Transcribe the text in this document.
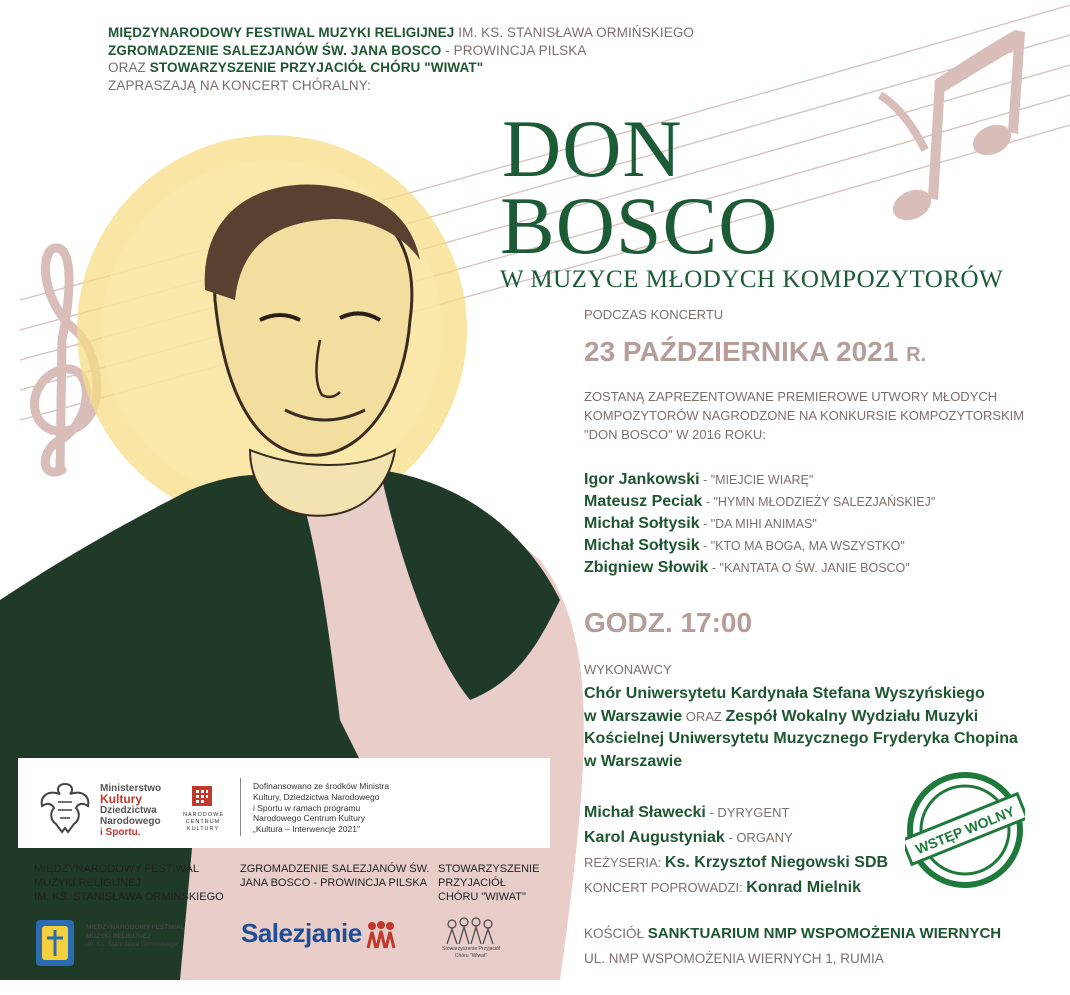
MIĘDZYNARODOWY FESTIWAL MUZYKI RELIGIJNEJ IM. KS. STANISŁAWA ORMIŃSKIEGO
ZGROMADZENIE SALEZJANÓW ŚW. JANA BOSCO - PROWINCJA PILSKA
ORAZ STOWARZYSZENIE PRZYJACIÓŁ CHÓRU "WIWAT"
ZAPRASZAJĄ NA KONCERT CHÓRALNY:
DON
BOSCO
W MUZYCE MŁODYCH KOMPOZYTORÓW
PODCZAS KONCERTU
23 PAŹDZIERNIKA 2021 R.
ZOSTANĄ ZAPREZENTOWANE PREMIEROWE UTWORY MŁODYCH
KOMPOZYTORÓW NAGRODZONE NA KONKURSIE KOMPOZYTORSKIM
"DON BOSCO" W 2016 ROKU:
Igor Jankowski - "MIEJCIE WIARĘ"
Mateusz Peciak - "HYMN MŁODZIEŻY SALEZJAŃSKIEJ"
Michał Sołtysik - "DA MIHI ANIMAS"
Michał Sołtysik - "KTO MA BOGA, MA WSZYSTKO"
Zbigniew Słowik - "KANTATA O ŚW. JANIE BOSCO"
GODZ. 17:00
WYKONAWCY
Chór Uniwersytetu Kardynała Stefana Wyszyńskiego
w Warszawie ORAZ Zespół Wokalny Wydziału Muzyki
Kościelnej Uniwersytetu Muzycznego Fryderyka Chopina
w Warszawie
Michał Sławecki - DYRYGENT
Karol Augustyniak - ORGANY
REŻYSERIA: Ks. Krzysztof Niegowski SDB
KONCERT POPROWADZI: Konrad Mielnik
KOŚCIÓŁ SANKTUARIUM NMP WSPOMOŻENIA WIERNYCH
UL. NMP WSPOMOŻENIA WIERNYCH 1, RUMIA
WSTĘP WOLNY
Ministerstwo
Kultury
Dziedzictwa
Narodowego
i Sportu.
NARODOWE
CENTRUM
KULTURY
Dofinansowano ze środków Ministra
Kultury, Dziedzictwa Narodowego
i Sportu w ramach programu
Narodowego Centrum Kultury
„Kultura – Interwencje 2021"
MIĘDZYNARODOWY FESTIWAL
MUZYKI RELIGIJNEJ
IM. KS. STANISŁAWA ORMIŃSKIEGO
ZGROMADZENIE SALEZJANÓW ŚW.
JANA BOSCO - PROWINCJA PILSKA
STOWARZYSZENIE
PRZYJACIÓŁ
CHÓRU "WIWAT"
MIĘDZYNARODOWY FESTIWAL
MUZYKI RELIGIJNEJ
im. Ks. Stanisława Ormińskiego Salezjanie
Stowarzyszenie Przyjaciół
Chóru "Wiwat"
